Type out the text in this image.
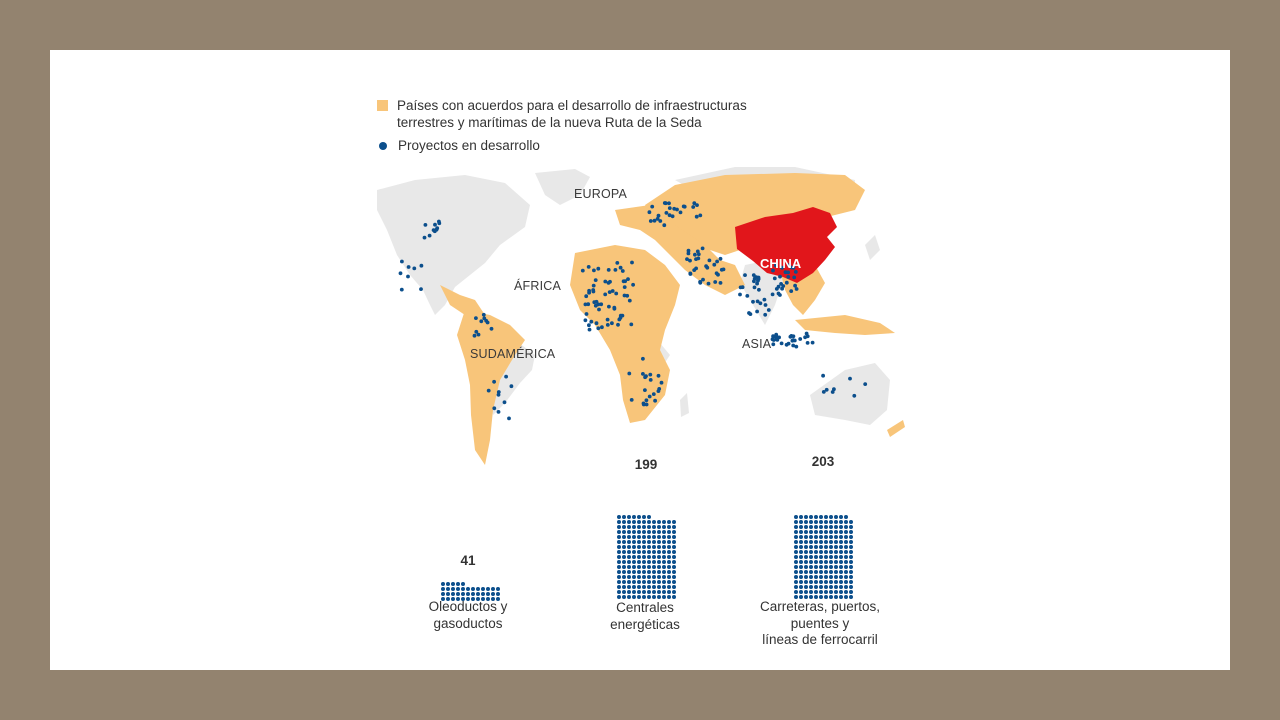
Países con acuerdos para el desarrollo de infraestructuras
terrestres y marítimas de la nueva Ruta de la Seda
Proyectos en desarrollo
EUROPA
ÁFRICA
SUDAMÉRICA
ASIA
CHINA
41
Oleoductos y
gasoductos
199
Centrales
energéticas
203
Carreteras, puertos,
puentes y
líneas de ferrocarril
